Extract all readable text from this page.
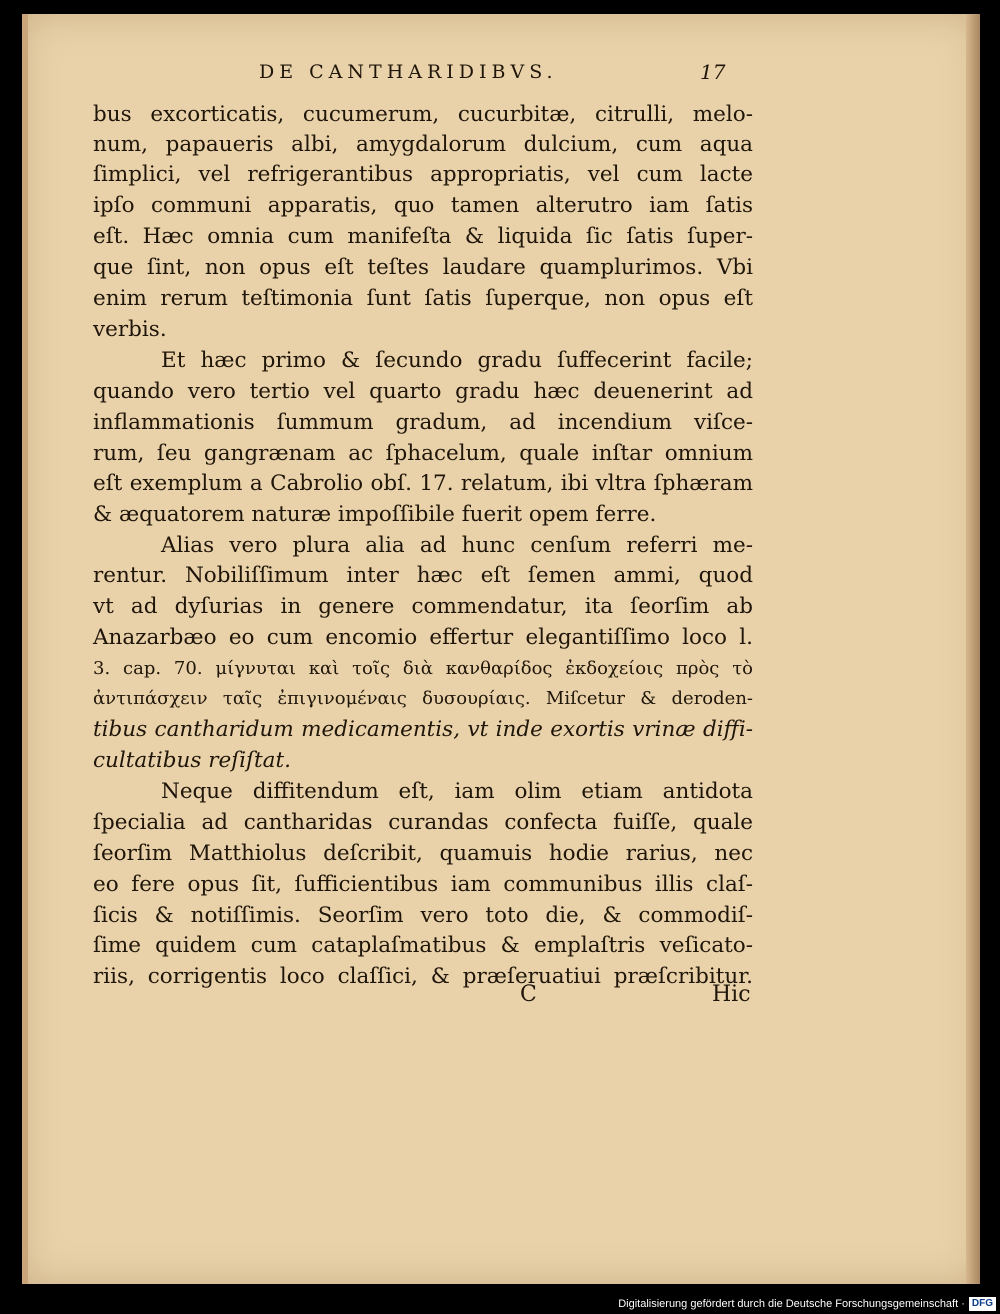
DE CANTHARIDIBVS.	17
bus excorticatis, cucumerum, cucurbitæ, citrulli, melo-
num, papaueris albi, amygdalorum dulcium, cum aqua
ſimplici, vel refrigerantibus appropriatis, vel cum lacte
ipſo communi apparatis, quo tamen alterutro iam ſatis
eſt. Hæc omnia cum manifeſta & liquida ſic ſatis ſuper-
que ſint, non opus eſt teſtes laudare quamplurimos. Vbi
enim rerum teſtimonia ſunt ſatis ſuperque, non opus eſt
verbis.
Et hæc primo & ſecundo gradu ſuffecerint facile;
quando vero tertio vel quarto gradu hæc deuenerint ad
inflammationis ſummum gradum, ad incendium viſce-
rum, ſeu gangrænam ac ſphacelum, quale inſtar omnium
eſt exemplum a Cabrolio obſ. 17. relatum, ibi vltra ſphæram
& æquatorem naturæ impoſſibile fuerit opem ferre.
Alias vero plura alia ad hunc cenſum referri me-
rentur. Nobiliſſimum inter hæc eſt ſemen ammi, quod
vt ad dyſurias in genere commendatur, ita ſeorſim ab
Anazarbæo eo cum encomio effertur elegantiſſimo loco l.
3. cap. 70. μίγνυται καὶ τοῖς διὰ κανθαρίδος ἐκδοχείοις πρὸς τὸ
ἀντιπάσχειν ταῖς ἐπιγινομέναις δυσουρίαις. Miſcetur & deroden-
tibus cantharidum medicamentis, vt inde exortis vrinæ diffi-
cultatibus reſiſtat.
Neque diffitendum eſt, iam olim etiam antidota
ſpecialia ad cantharidas curandas confecta fuiſſe, quale
ſeorſim Matthiolus deſcribit, quamuis hodie rarius, nec
eo fere opus ſit, ſufficientibus iam communibus illis claſ-
ſicis & notiſſimis. Seorſim vero toto die, & commodiſ-
ſime quidem cum cataplaſmatibus & emplaſtris veſicato-
riis, corrigentis loco claſſici, & præſeruatiui præſcribitur.
C	Hic
Digitalisierung gefördert durch die Deutsche Forschungsgemeinschaft · DFG
